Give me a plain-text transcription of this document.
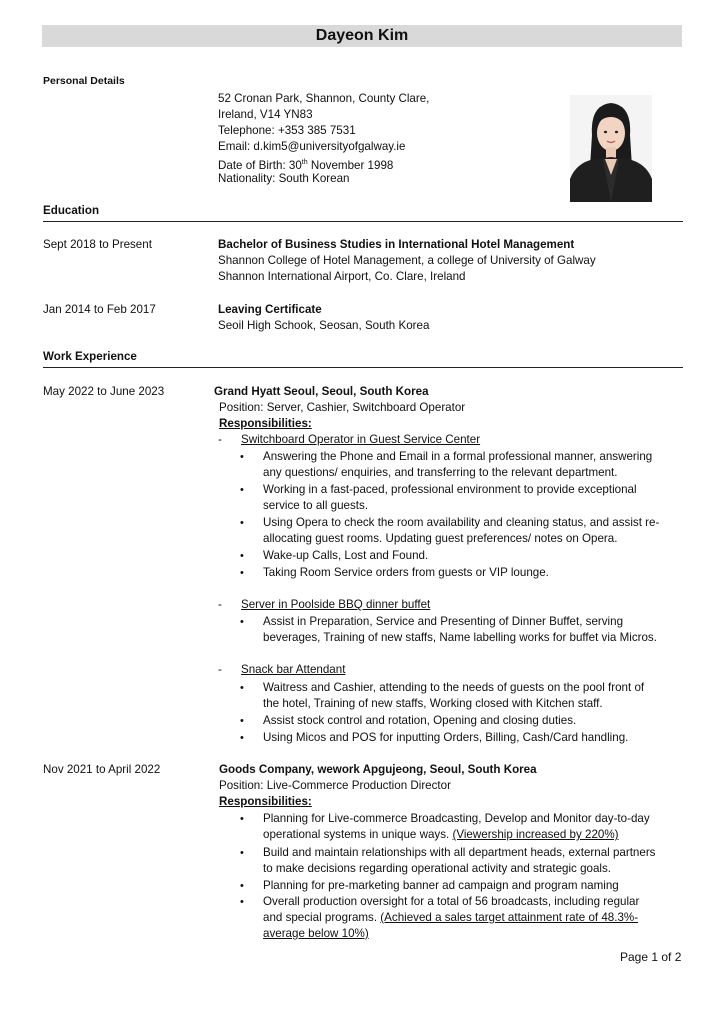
Dayeon Kim
Personal Details
52 Cronan Park, Shannon, County Clare,
Ireland, V14 YN83
Telephone: +353 385 7531
Email: d.kim5@universityofgalway.ie
Date of Birth: 30th November 1998
Nationality: South Korean
Education
Sept 2018 to Present	Bachelor of Business Studies in International Hotel Management
Shannon College of Hotel Management, a college of University of Galway
Shannon International Airport, Co. Clare, Ireland
Jan 2014 to Feb 2017	Leaving Certificate
Seoil High Schook, Seosan, South Korea
Work Experience
May 2022 to June 2023	Grand Hyatt Seoul, Seoul, South Korea
Position: Server, Cashier, Switchboard Operator
Responsibilities:
- Switchboard Operator in Guest Service Center
• Answering the Phone and Email in a formal professional manner, answering
any questions/ enquiries, and transferring to the relevant department.
• Working in a fast-paced, professional environment to provide exceptional
service to all guests.
• Using Opera to check the room availability and cleaning status, and assist re-
allocating guest rooms. Updating guest preferences/ notes on Opera.
• Wake-up Calls, Lost and Found.
• Taking Room Service orders from guests or VIP lounge.
- Server in Poolside BBQ dinner buffet
• Assist in Preparation, Service and Presenting of Dinner Buffet, serving
beverages, Training of new staffs, Name labelling works for buffet via Micros.
- Snack bar Attendant
• Waitress and Cashier, attending to the needs of guests on the pool front of
the hotel, Training of new staffs, Working closed with Kitchen staff.
• Assist stock control and rotation, Opening and closing duties.
• Using Micos and POS for inputting Orders, Billing, Cash/Card handling.
Nov 2021 to April 2022	Goods Company, wework Apgujeong, Seoul, South Korea
Position: Live-Commerce Production Director
Responsibilities:
• Planning for Live-commerce Broadcasting, Develop and Monitor day-to-day
operational systems in unique ways. (Viewership increased by 220%)
• Build and maintain relationships with all department heads, external partners
to make decisions regarding operational activity and strategic goals.
• Planning for pre-marketing banner ad campaign and program naming
• Overall production oversight for a total of 56 broadcasts, including regular
and special programs. (Achieved a sales target attainment rate of 48.3%-
average below 10%)
Page 1 of 2
